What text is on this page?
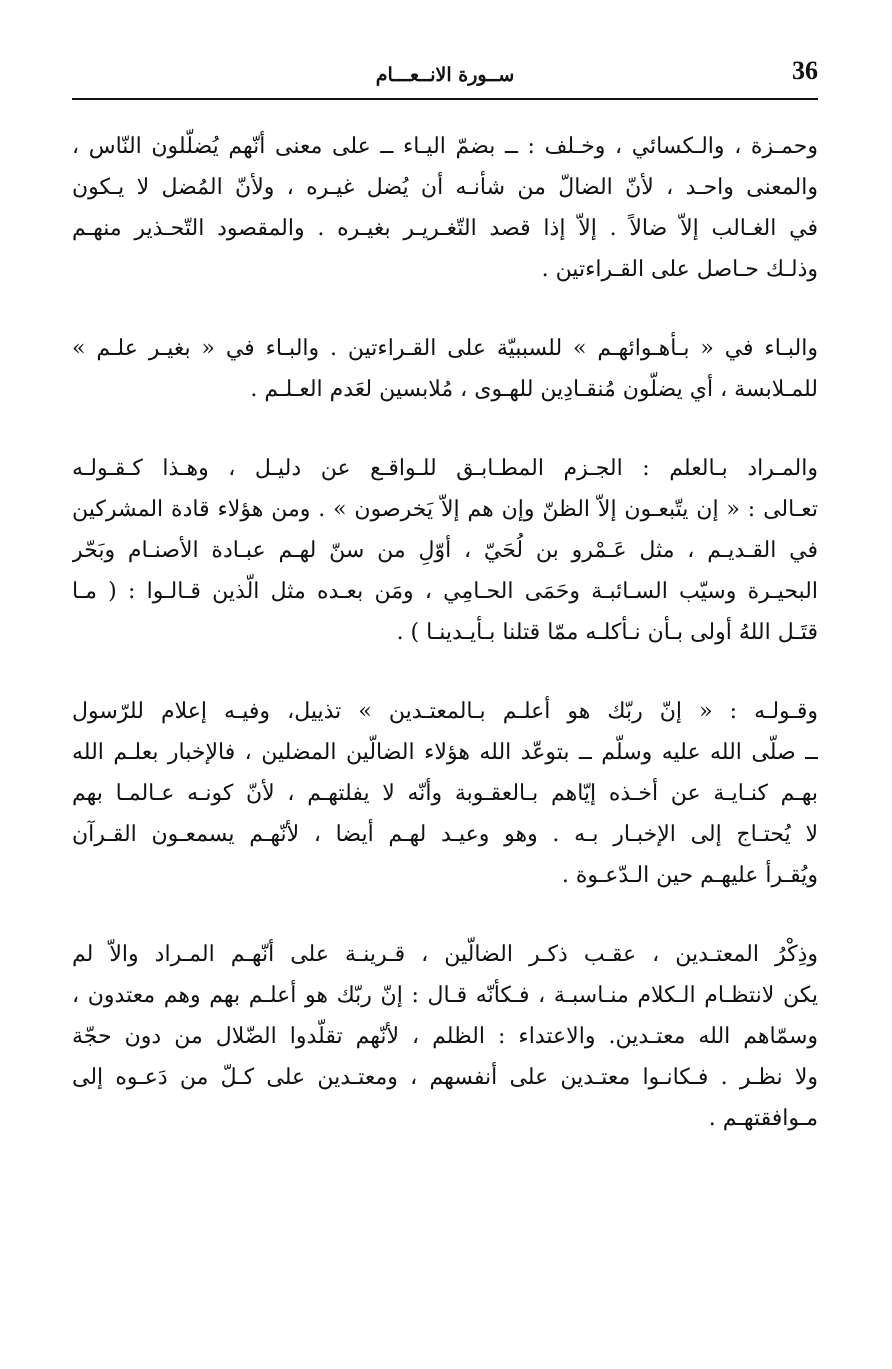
36
ســورة الانــعـــام
وحمـزة ، والـكسائي ، وخـلف : ــ بضمّ اليـاء ــ على معنى أنّهم يُضلّلون النّاس ،
والمعنى واحـد ، لأنّ الضالّ من شأنـه أن يُضل غيـره ، ولأنّ المُضل لا يـكون
في الغـالب إلاّ ضالاً . إلاّ إذا قصد التّغـريـر بغيـره . والمقصود التّحـذير منهـم
وذلـك حـاصل على القـراءتين .
والبـاء في « بـأهـوائهـم » للسببيّة على القـراءتين . والبـاء في « بغيـر علـم »
للمـلابسة ، أي يضلّون مُنقـادِين للهـوى ، مُلابسين لعَدم العـلـم .
والمـراد بـالعلم : الجـزم المطـابـق للـواقـع عن دليـل ، وهـذا كـقـولـه
تعـالى : « إن يتّبعـون إلاّ الظنّ وإن هم إلاّ يَخرصون » . ومن هؤلاء قادة المشركين
في القـديـم ، مثل عَـمْرو بن لُحَيّ ، أوّلِ من سنّ لهـم عبـادة الأصنـام وبَحّر
البحيـرة وسيّب السـائبـة وحَمَى الحـامِي ، ومَن بعـده مثل الّذين قـالـوا : ( مـا
قتَـل اللهُ أولى بـأن نـأكلـه ممّا قتلنا بـأيـدينـا ) .
وقـولـه : « إنّ ربّك هو أعلـم بـالمعتـدين » تذييل، وفيـه إعلام للرّسول
ــ صلّى الله عليه وسلّم ــ بتوعّد الله هؤلاء الضالّين المضلين ، فالإخبار بعلـم الله
بهـم كنـايـة عن أخـذه إيّاهم بـالعقـوبة وأنّه لا يفلتهـم ، لأنّ كونـه عـالمـا بهم
لا يُحتـاج إلى الإخبـار بـه . وهو وعيـد لهـم أيضا ، لأنّهـم يسمعـون القـرآن
ويُقـرأ عليهـم حين الـدّعـوة .
وذِكْرُ المعتـدين ، عقـب ذكـر الضالّين ، قـرينـة على أنّهـم المـراد والاّ لم
يكن لانتظـام الـكلام منـاسبـة ، فـكأنّه قـال : إنّ ربّك هو أعلـم بهم وهم معتدون ،
وسمّاهم الله معتـدين. والاعتداء : الظلم ، لأنّهم تقلّدوا الضّلال من دون حجّة
ولا نظـر . فـكانـوا معتـدين على أنفسهم ، ومعتـدين على كـلّ من دَعـوه إلى
مـوافقتهـم .
